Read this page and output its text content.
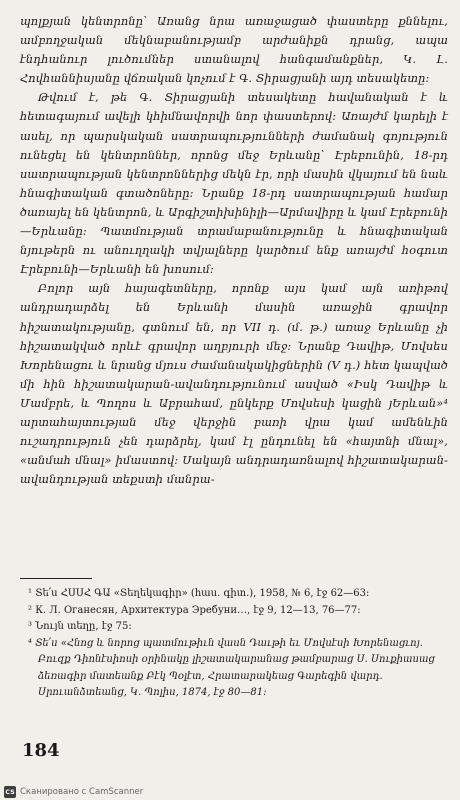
պոլքյան կենտրոնը՝ Առանց նրա առաջացած փաստերը քննելու, ամբողջական մեկնաբանությամբ արժանիքն դրանց, ապա էնդհանուր լուծումներ ստանալով հանգամանքներ, Կ. Լ. Հովհաննիսյանը վճռական կոչում է Գ. Տիրացյանի այդ տեսակետը։

Թվում է, թե Գ. Տիրացյանի տեսակետը հավանական է և հետագայում ավելի կհիմնավորվի նոր փաստերով։ Առայժմ կարելի է ասել, որ պարսկական սատրապությունների ժամանակ գոյություն ունեցել են կենտրոններ, որոնց մեջ Երևանը՝ Էրեբունին, 18-րդ սատրապության կենտրոններից մեկն էր, որի մասին վկայում են նաև հնագիտական գտածոները։ Նրանք 18-րդ սատրապության համար ծառայել են կենտրոն, և Արգիշտիխինիլի—Արմավիրը և կամ Էրեբունի—Երևանը։ Պատմության տրամաբանությունը և հնագիտական նյութերն ու անուղղակի տվյալները կարծում ենք առայժմ հօգուտ Էրեբունի—Երևանի են խոսում։

Բոլոր այն հայագետները, որոնք այս կամ այն առիթով անդրադարձել են Երևանի մասին առաջին գրավոր հիշատակությանը, գտնում են, որ VII դ. (մ. թ.) առաջ Երևանը չի հիշատակված որևէ գրավոր աղբյուրի մեջ։ Նրանք Դավիթ, Մովսես Խորենացու և նրանց մյուս ժամանակակիցներին (V դ.) հետ կապված մի հին հիշատակարան-ավանդությունում ասված «Իսկ Դավիթ և Մամբրե, և Պողոս և Աբրահամ, ընկերք Մովսեսի կացին յԵրևան»⁴ արտահայտության մեջ վերջին բառի վրա կամ ամենևին ուշադրություն չեն դարձրել, կամ էլ ընդունել են «հայտնի մնալ», «անմահ մնալ» իմաստով։ Սակայն անդրադառնալով հիշատակարան-ավանդության տեքստի մանրա-

¹ Տե՛ս ՀՍՍՀ ԳԱ «Տեղեկագիր» (հաս. գիտ.), 1958, № 6, էջ 62—63։

² К. Л. Оганесян, Архитектура Эребуни…, էջ 9, 12—13, 76—77:

³ Նույն տեղը, էջ 75։

⁴ Տե՛ս «Հնոց և նորոց պատմութիւն վասն Դաւթի եւ Մովսէսի Խորենացւոյ. Բուզք Դիոնէսիոսի օրինակը լիշատակարանաց թամբարաց Ս. Սուքիասաց ձեռագիր մատեանք Բէկ Պօլէտ, Հրատարակեաց Գարեգին վարդ. Սրուանձտեանց, Կ. Պոլիս, 1874, էջ 80—81։

184
CS Сканировано с CamScanner
